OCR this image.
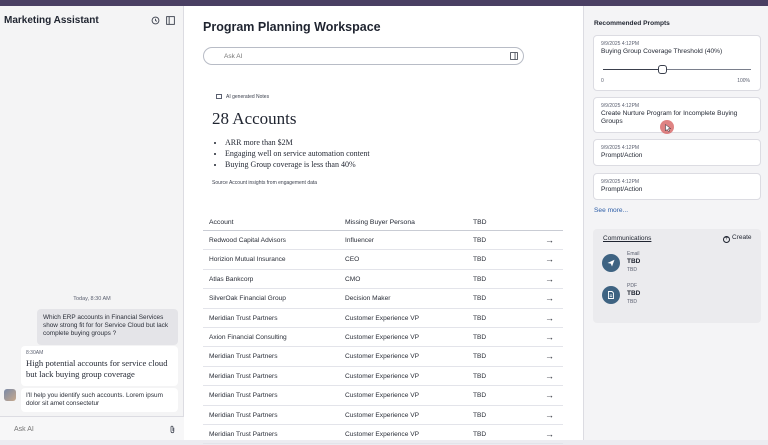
Marketing Assistant
Today, 8:30 AM
Which ERP accounts in Financial Services show strong fit for for Service Cloud but lack complete buying groups ?
8:30AM
High potential accounts for service cloud but lack buying group coverage
I'll help you identify such accounts. Lorem ipsum dolor sit amet consectetur
Ask AI
Program Planning Workspace
Ask AI
AI generated Notes
28 Accounts
• ARR more than $2M
• Engaging well on service automation content
• Buying Group coverage is less than 40%
Source Account insights from engagement data
Account	Missing Buyer Persona	TBD
Redwood Capital Advisors	Influencer	TBD	→
Horizion Mutual Insurance	CEO	TBD	→
Atlas Bankcorp	CMO	TBD	→
SilverOak Financial Group	Decision Maker	TBD	→
Meridian Trust Partners	Customer Experience VP	TBD	→
Axion Financial Consulting	Customer Experience VP	TBD	→
Meridian Trust Partners	Customer Experience VP	TBD	→
Meridian Trust Partners	Customer Experience VP	TBD	→
Meridian Trust Partners	Customer Experience VP	TBD	→
Meridian Trust Partners	Customer Experience VP	TBD	→
Meridian Trust Partners	Customer Experience VP	TBD	→
Recommended Prompts
9/9/2025 4:12PM
Buying Group Coverage Threshold (40%)
0	100%
9/9/2025 4:12PM
Create Nurture Program for Incomplete Buying Groups
9/9/2025 4:12PM
Prompt/Action
9/9/2025 4:12PM
Prompt/Action
See more...
Communications	+ Create
Email
TBD
TBD
PDF
TBD
TBD
